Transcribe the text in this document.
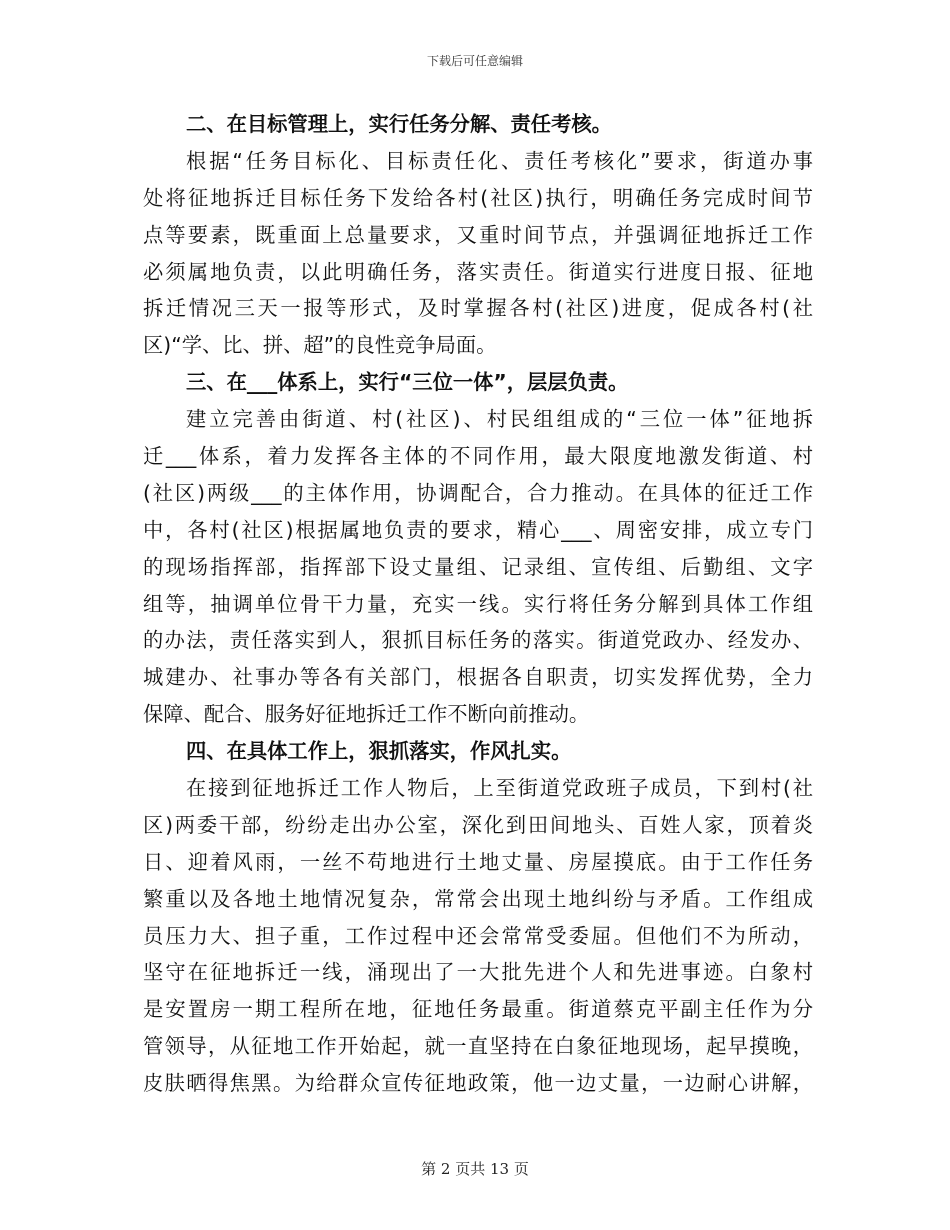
下载后可任意编辑
二、在目标管理上，实行任务分解、责任考核。
根据“任务目标化、目标责任化、责任考核化”要求，街道办事
处将征地拆迁目标任务下发给各村(社区)执行，明确任务完成时间节
点等要素，既重面上总量要求，又重时间节点，并强调征地拆迁工作
必须属地负责，以此明确任务，落实责任。街道实行进度日报、征地
拆迁情况三天一报等形式，及时掌握各村(社区)进度，促成各村(社
区)“学、比、拼、超”的良性竞争局面。
三、在___体系上，实行“三位一体”，层层负责。
建立完善由街道、村(社区)、村民组组成的“三位一体”征地拆
迁___体系，着力发挥各主体的不同作用，最大限度地激发街道、村
(社区)两级___的主体作用，协调配合，合力推动。在具体的征迁工作
中，各村(社区)根据属地负责的要求，精心___、周密安排，成立专门
的现场指挥部，指挥部下设丈量组、记录组、宣传组、后勤组、文字
组等，抽调单位骨干力量，充实一线。实行将任务分解到具体工作组
的办法，责任落实到人，狠抓目标任务的落实。街道党政办、经发办、
城建办、社事办等各有关部门，根据各自职责，切实发挥优势，全力
保障、配合、服务好征地拆迁工作不断向前推动。
四、在具体工作上，狠抓落实，作风扎实。
在接到征地拆迁工作人物后，上至街道党政班子成员，下到村(社
区)两委干部，纷纷走出办公室，深化到田间地头、百姓人家，顶着炎
日、迎着风雨，一丝不苟地进行土地丈量、房屋摸底。由于工作任务
繁重以及各地土地情况复杂，常常会出现土地纠纷与矛盾。工作组成
员压力大、担子重，工作过程中还会常常受委屈。但他们不为所动，
坚守在征地拆迁一线，涌现出了一大批先进个人和先进事迹。白象村
是安置房一期工程所在地，征地任务最重。街道蔡克平副主任作为分
管领导，从征地工作开始起，就一直坚持在白象征地现场，起早摸晚，
皮肤晒得焦黑。为给群众宣传征地政策，他一边丈量，一边耐心讲解，
第 2 页共 13 页
